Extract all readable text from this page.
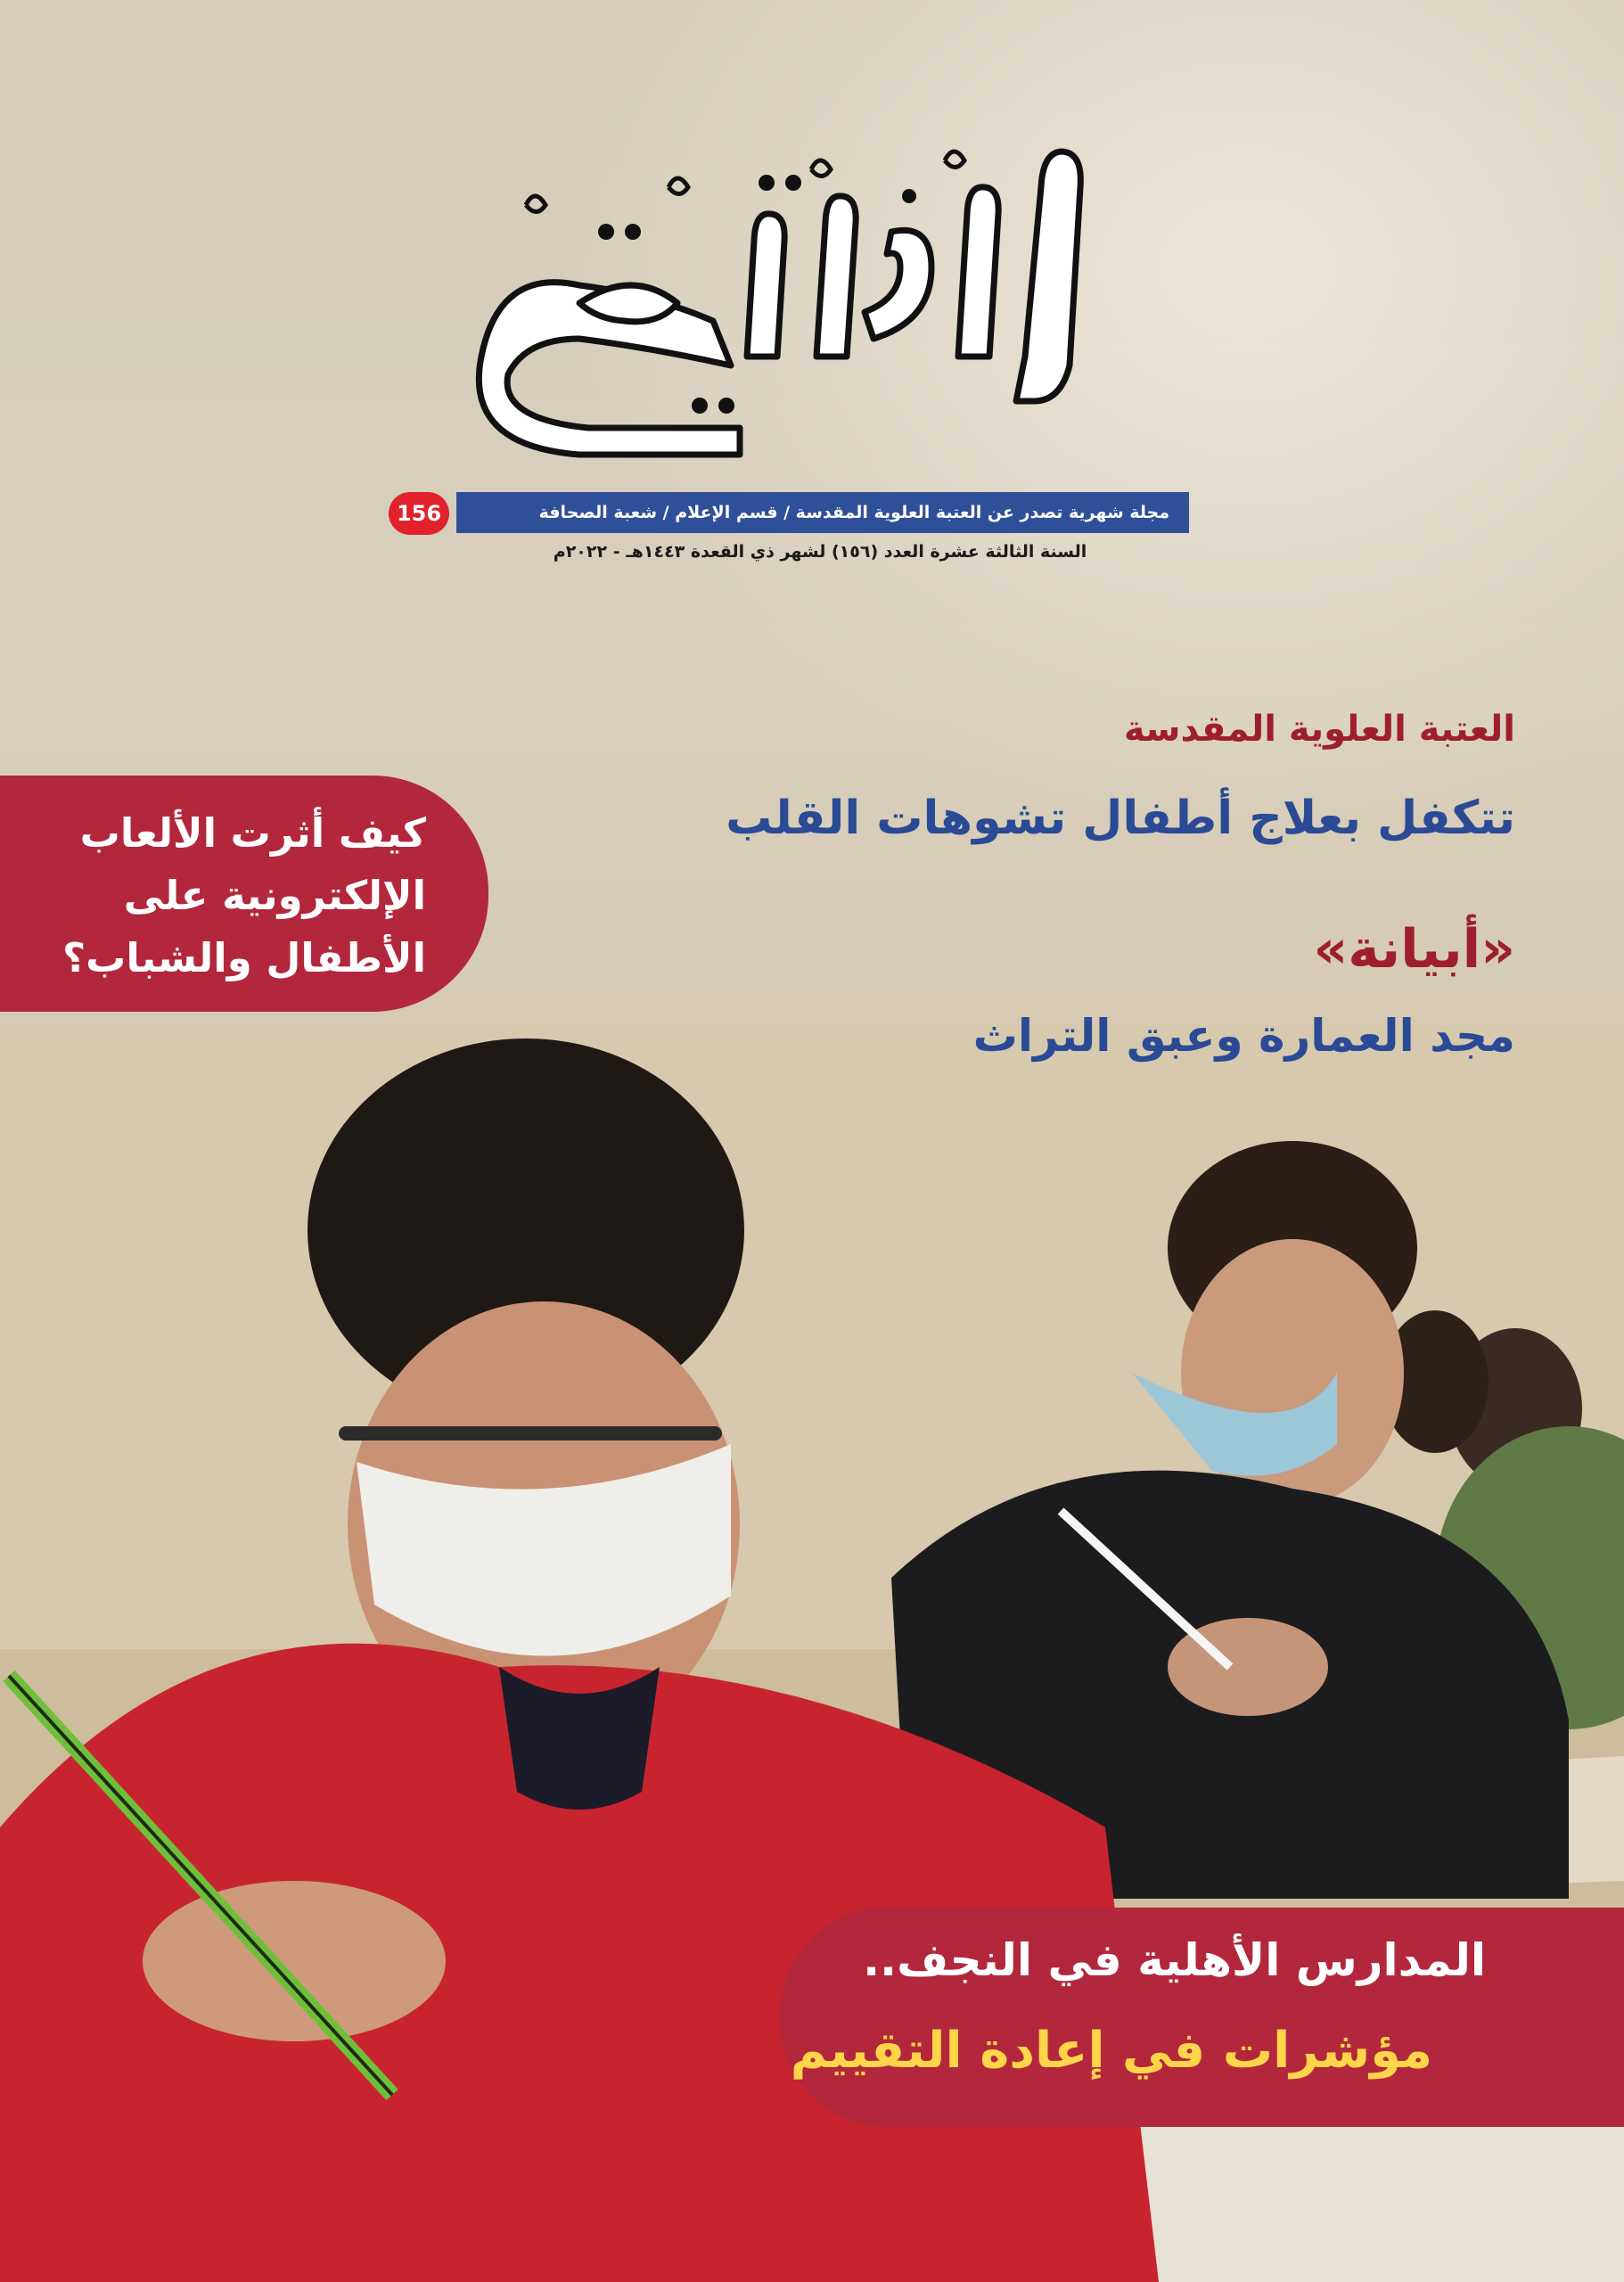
156	مجلة شهرية تصدر عن العتبة العلوية المقدسة / قسم الإعلام / شعبة الصحافة
السنة الثالثة عشرة العدد (١٥٦) لشهر ذي القعدة ١٤٤٣هـ - ٢٠٢٢م
العتبة العلوية المقدسة
تتكفل بعلاج أطفال تشوهات القلب
«أبيانة»
مجد العمارة وعبق التراث
كيف أثرت الألعاب
الإلكترونية على
الأطفال والشباب؟
المدارس الأهلية في النجف..
مؤشرات في إعادة التقييم
